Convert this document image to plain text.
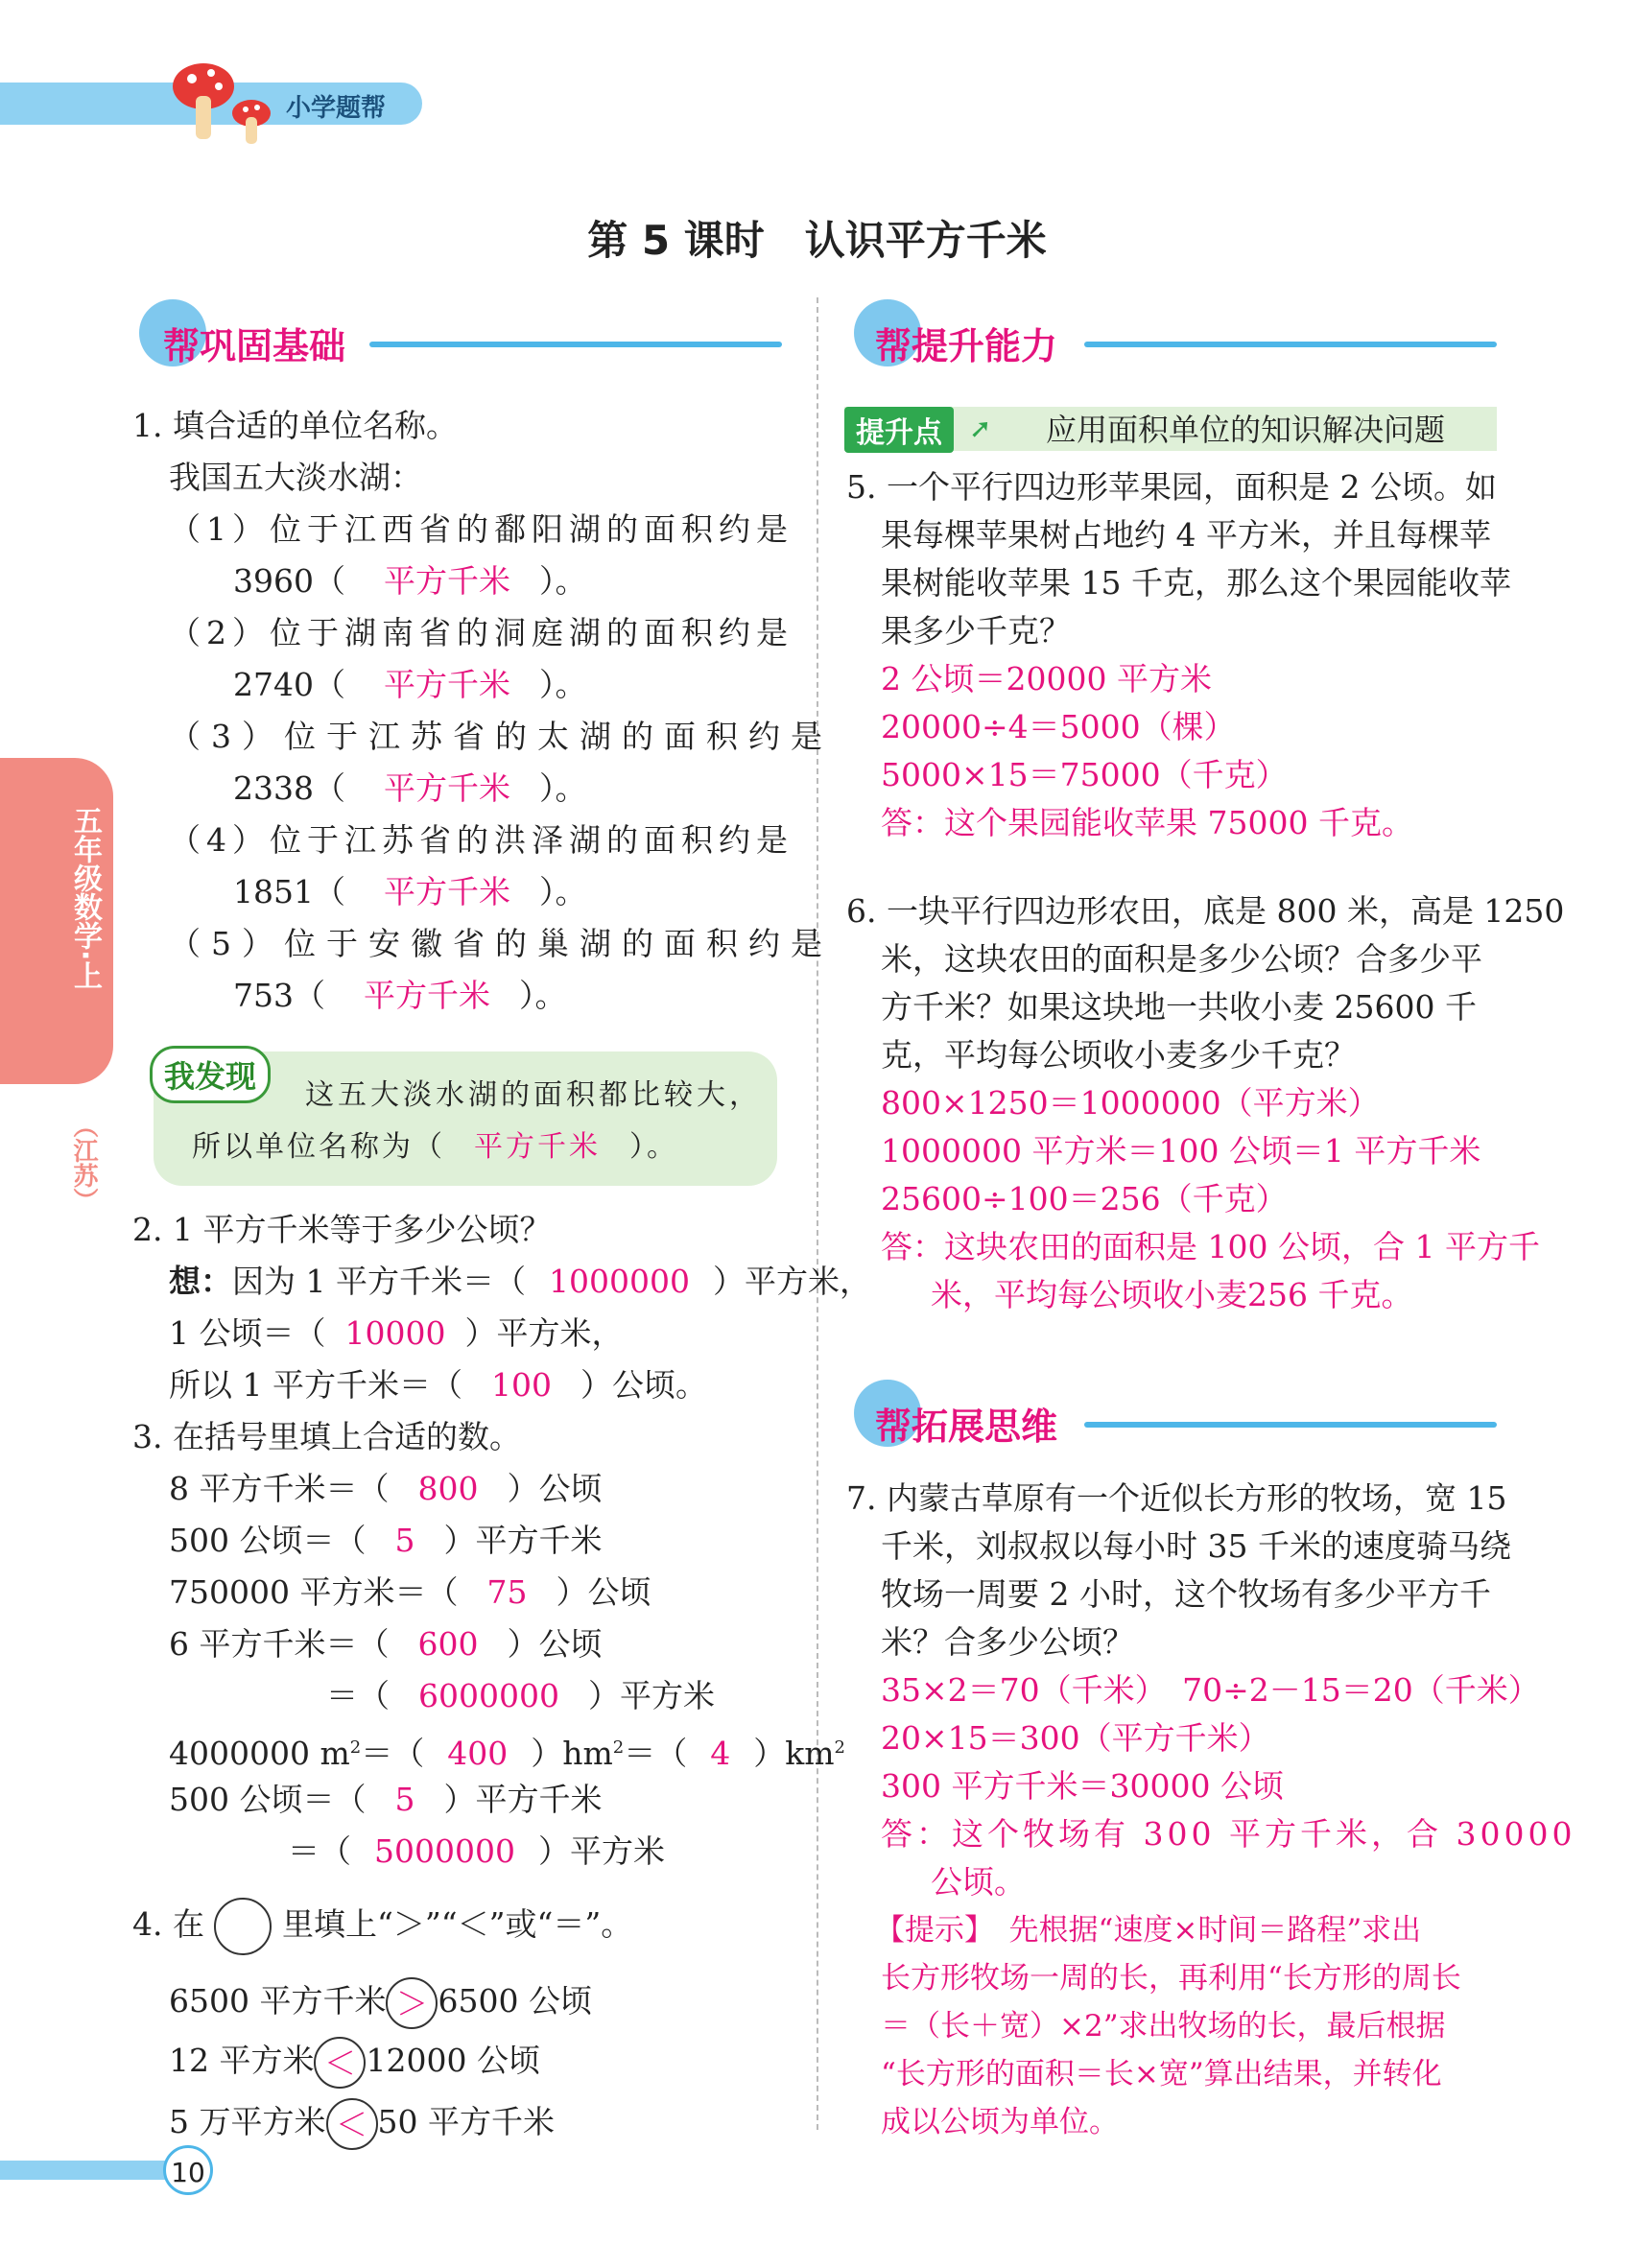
小学题帮
第 5 课时　认识平方千米
五年级数学·上
（江苏）
帮巩固基础
1. 填合适的单位名称。
我国五大淡水湖：
（1）位于江西省的鄱阳湖的面积约是
3960（ 平方千米 ）。
（2）位于湖南省的洞庭湖的面积约是
2740（ 平方千米 ）。
（3）位于江苏省的太湖的面积约是
2338（ 平方千米 ）。
（4）位于江苏省的洪泽湖的面积约是
1851（ 平方千米 ）。
（5）位于安徽省的巢湖的面积约是
753（ 平方千米 ）。
我发现
这五大淡水湖的面积都比较大，
所以单位名称为（ 平方千米 ）。
2. 1 平方千米等于多少公顷？
想：因为 1 平方千米＝（ 1000000 ）平方米，
1 公顷＝（ 10000 ）平方米，
所以 1 平方千米＝（ 100 ）公顷。
3. 在括号里填上合适的数。
8 平方千米＝（ 800 ）公顷
500 公顷＝（ 5 ）平方千米
750000 平方米＝（ 75 ）公顷
6 平方千米＝（ 600 ）公顷
＝（ 6000000 ）平方米
4000000 $m^2=$（ 400 ）$hm^2=$（ 4 ）$km^2$
500 公顷＝（ 5 ）平方千米
＝（ 5000000 ）平方米
4. 在 里填上“＞”“＜”或“＝”。
6500 平方千米 ＞ 6500 公顷
12 平方米 ＜ 12000 公顷
5 万平方米 ＜ 50 平方千米
帮提升能力
提升点	➚ 应用面积单位的知识解决问题
5. 一个平行四边形苹果园，面积是 2 公顷。如
果每棵苹果树占地约 4 平方米，并且每棵苹
果树能收苹果 15 千克，那么这个果园能收苹
果多少千克？
2 公顷＝20000 平方米
20000÷4＝5000（棵）
5000×15＝75000（千克）
答：这个果园能收苹果 75000 千克。
6. 一块平行四边形农田，底是 800 米，高是 1250
米，这块农田的面积是多少公顷？合多少平
方千米？如果这块地一共收小麦 25600 千
克，平均每公顷收小麦多少千克？
800×1250＝1000000（平方米）
1000000 平方米＝100 公顷＝1 平方千米
25600÷100＝256（千克）
答：这块农田的面积是 100 公顷，合 1 平方千
米，平均每公顷收小麦256 千克。
帮拓展思维
7. 内蒙古草原有一个近似长方形的牧场，宽 15
千米，刘叔叔以每小时 35 千米的速度骑马绕
牧场一周要 2 小时，这个牧场有多少平方千
米？合多少公顷？
35×2＝70（千米）　70÷2－15＝20（千米）
20×15＝300（平方千米）
300 平方千米＝30000 公顷
答：这个牧场有 300 平方千米，合 30000
公顷。
【提示】　先根据“速度×时间＝路程”求出
长方形牧场一周的长，再利用“长方形的周长
＝（长＋宽）×2”求出牧场的长，最后根据
“长方形的面积＝长×宽”算出结果，并转化
成以公顷为单位。
10
